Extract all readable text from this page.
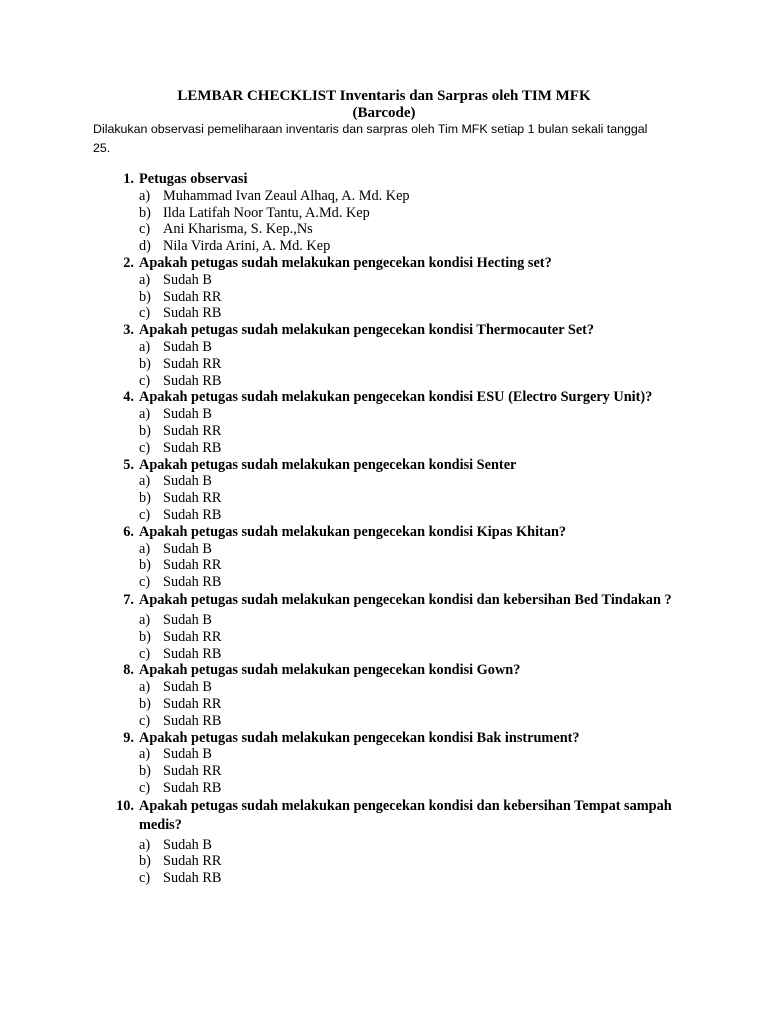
LEMBAR CHECKLIST Inventaris dan Sarpras oleh TIM MFK
(Barcode)
Dilakukan observasi pemeliharaan inventaris dan sarpras oleh Tim MFK setiap 1 bulan sekali tanggal
25.
1. Petugas observasi
a) Muhammad Ivan Zeaul Alhaq, A. Md. Kep
b) Ilda Latifah Noor Tantu, A.Md. Kep
c) Ani Kharisma, S. Kep.,Ns
d) Nila Virda Arini, A. Md. Kep
2. Apakah petugas sudah melakukan pengecekan kondisi Hecting set?
a) Sudah B
b) Sudah RR
c) Sudah RB
3. Apakah petugas sudah melakukan pengecekan kondisi Thermocauter Set?
a) Sudah B
b) Sudah RR
c) Sudah RB
4. Apakah petugas sudah melakukan pengecekan kondisi ESU (Electro Surgery Unit)?
a) Sudah B
b) Sudah RR
c) Sudah RB
5. Apakah petugas sudah melakukan pengecekan kondisi Senter
a) Sudah B
b) Sudah RR
c) Sudah RB
6. Apakah petugas sudah melakukan pengecekan kondisi Kipas Khitan?
a) Sudah B
b) Sudah RR
c) Sudah RB
7. Apakah petugas sudah melakukan pengecekan kondisi dan kebersihan Bed Tindakan ?
a) Sudah B
b) Sudah RR
c) Sudah RB
8. Apakah petugas sudah melakukan pengecekan kondisi Gown?
a) Sudah B
b) Sudah RR
c) Sudah RB
9. Apakah petugas sudah melakukan pengecekan kondisi Bak instrument?
a) Sudah B
b) Sudah RR
c) Sudah RB
10. Apakah petugas sudah melakukan pengecekan kondisi dan kebersihan Tempat sampah medis?
a) Sudah B
b) Sudah RR
c) Sudah RB
